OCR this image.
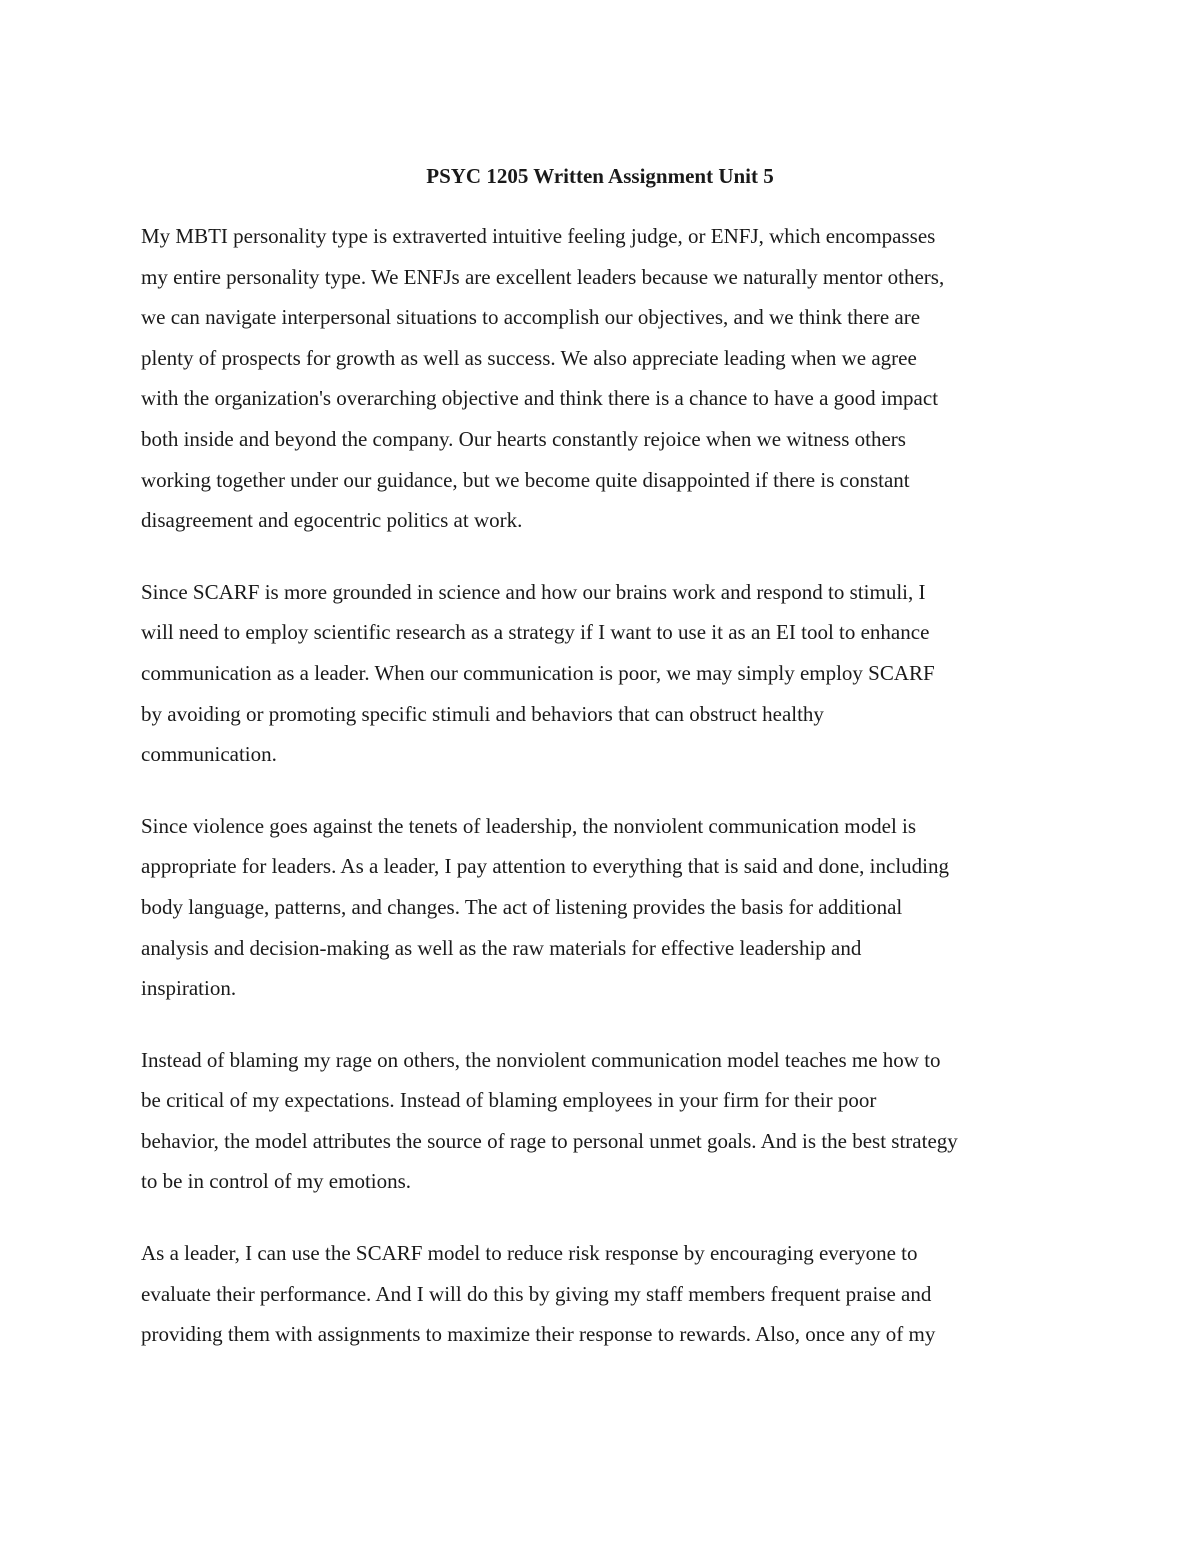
PSYC 1205 Written Assignment Unit 5
My MBTI personality type is extraverted intuitive feeling judge, or ENFJ, which encompasses
my entire personality type. We ENFJs are excellent leaders because we naturally mentor others,
we can navigate interpersonal situations to accomplish our objectives, and we think there are
plenty of prospects for growth as well as success. We also appreciate leading when we agree
with the organization's overarching objective and think there is a chance to have a good impact
both inside and beyond the company. Our hearts constantly rejoice when we witness others
working together under our guidance, but we become quite disappointed if there is constant
disagreement and egocentric politics at work.
Since SCARF is more grounded in science and how our brains work and respond to stimuli, I
will need to employ scientific research as a strategy if I want to use it as an EI tool to enhance
communication as a leader. When our communication is poor, we may simply employ SCARF
by avoiding or promoting specific stimuli and behaviors that can obstruct healthy
communication.
Since violence goes against the tenets of leadership, the nonviolent communication model is
appropriate for leaders. As a leader, I pay attention to everything that is said and done, including
body language, patterns, and changes. The act of listening provides the basis for additional
analysis and decision-making as well as the raw materials for effective leadership and
inspiration.
Instead of blaming my rage on others, the nonviolent communication model teaches me how to
be critical of my expectations. Instead of blaming employees in your firm for their poor
behavior, the model attributes the source of rage to personal unmet goals. And is the best strategy
to be in control of my emotions.
As a leader, I can use the SCARF model to reduce risk response by encouraging everyone to
evaluate their performance. And I will do this by giving my staff members frequent praise and
providing them with assignments to maximize their response to rewards. Also, once any of my
